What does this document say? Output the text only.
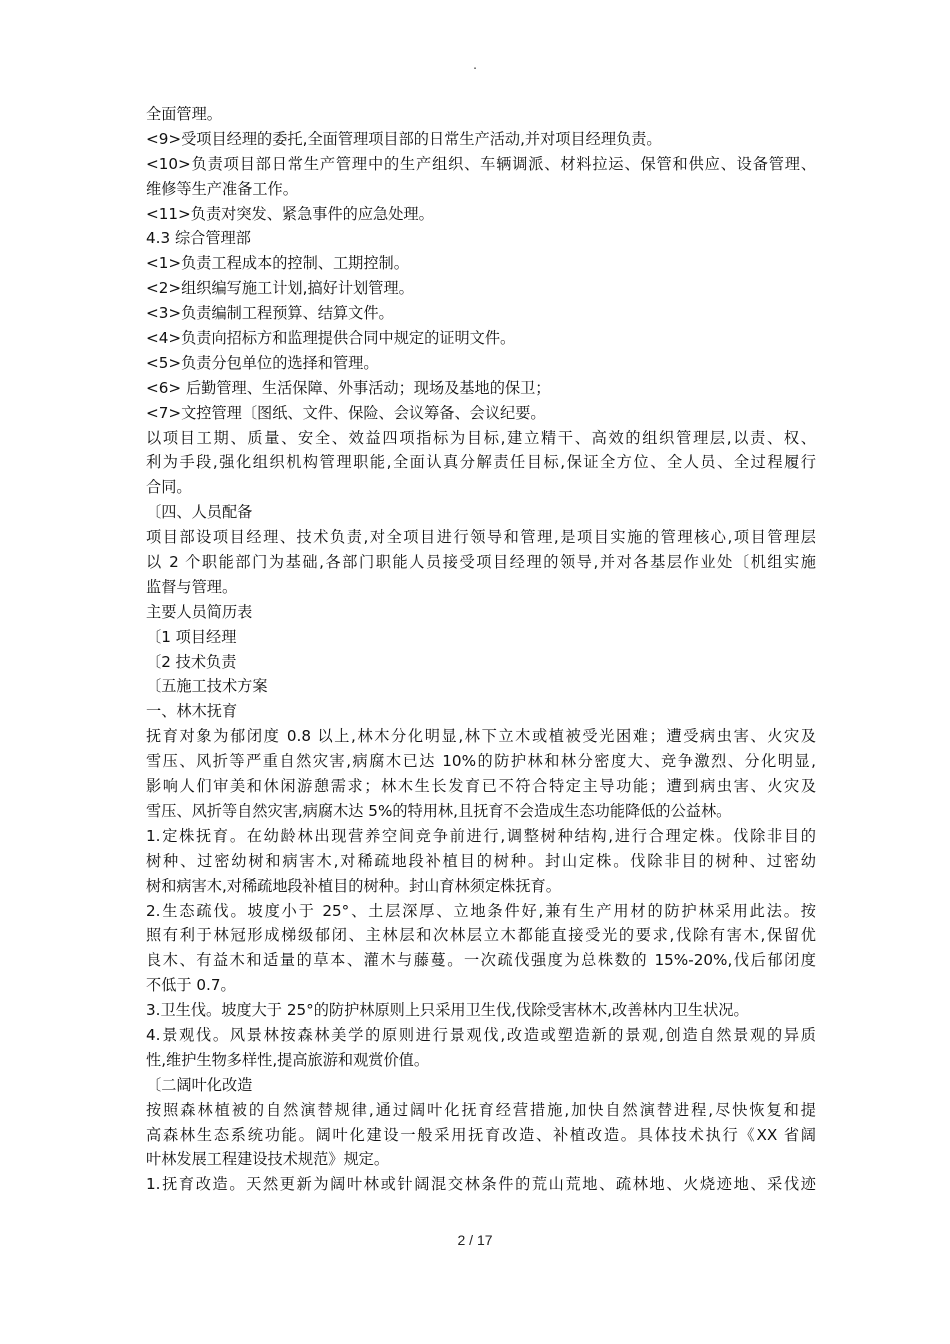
.
全面管理。
<9>受项目经理的委托,全面管理项目部的日常生产活动,并对项目经理负责。
<10>负责项目部日常生产管理中的生产组织、车辆调派、材料拉运、保管和供应、设备管理、
维修等生产准备工作。
<11>负责对突发、紧急事件的应急处理。
4.3 综合管理部
<1>负责工程成本的控制、工期控制。
<2>组织编写施工计划,搞好计划管理。
<3>负责编制工程预算、结算文件。
<4>负责向招标方和监理提供合同中规定的证明文件。
<5>负责分包单位的选择和管理。
<6> 后勤管理、生活保障、外事活动；现场及基地的保卫；
<7>文控管理〔图纸、文件、保险、会议筹备、会议纪要。
以项目工期、质量、安全、效益四项指标为目标,建立精干、高效的组织管理层,以责、权、
利为手段,强化组织机构管理职能,全面认真分解责任目标,保证全方位、全人员、全过程履行
合同。
〔四、人员配备
项目部设项目经理、技术负责,对全项目进行领导和管理,是项目实施的管理核心,项目管理层
以 2 个职能部门为基础,各部门职能人员接受项目经理的领导,并对各基层作业处〔机组实施
监督与管理。
主要人员简历表
〔1 项目经理
〔2 技术负责
〔五施工技术方案
一、林木抚育
抚育对象为郁闭度 0.8 以上,林木分化明显,林下立木或植被受光困难；遭受病虫害、火灾及
雪压、风折等严重自然灾害,病腐木已达 10%的防护林和林分密度大、竞争激烈、分化明显,
影响人们审美和休闲游憩需求；林木生长发育已不符合特定主导功能；遭到病虫害、火灾及
雪压、风折等自然灾害,病腐木达 5%的特用林,且抚育不会造成生态功能降低的公益林。
1.定株抚育。在幼龄林出现营养空间竞争前进行,调整树种结构,进行合理定株。伐除非目的
树种、过密幼树和病害木,对稀疏地段补植目的树种。封山定株。伐除非目的树种、过密幼
树和病害木,对稀疏地段补植目的树种。封山育林须定株抚育。
2.生态疏伐。坡度小于 25°、土层深厚、立地条件好,兼有生产用材的防护林采用此法。按
照有利于林冠形成梯级郁闭、主林层和次林层立木都能直接受光的要求,伐除有害木,保留优
良木、有益木和适量的草本、灌木与藤蔓。一次疏伐强度为总株数的 15%-20%,伐后郁闭度
不低于 0.7。
3.卫生伐。坡度大于 25°的防护林原则上只采用卫生伐,伐除受害林木,改善林内卫生状况。
4.景观伐。风景林按森林美学的原则进行景观伐,改造或塑造新的景观,创造自然景观的异质
性,维护生物多样性,提高旅游和观赏价值。
〔二阔叶化改造
按照森林植被的自然演替规律,通过阔叶化抚育经营措施,加快自然演替进程,尽快恢复和提
高森林生态系统功能。阔叶化建设一般采用抚育改造、补植改造。具体技术执行《XX 省阔
叶林发展工程建设技术规范》规定。
1.抚育改造。天然更新为阔叶林或针阔混交林条件的荒山荒地、疏林地、火烧迹地、采伐迹
2 / 17
